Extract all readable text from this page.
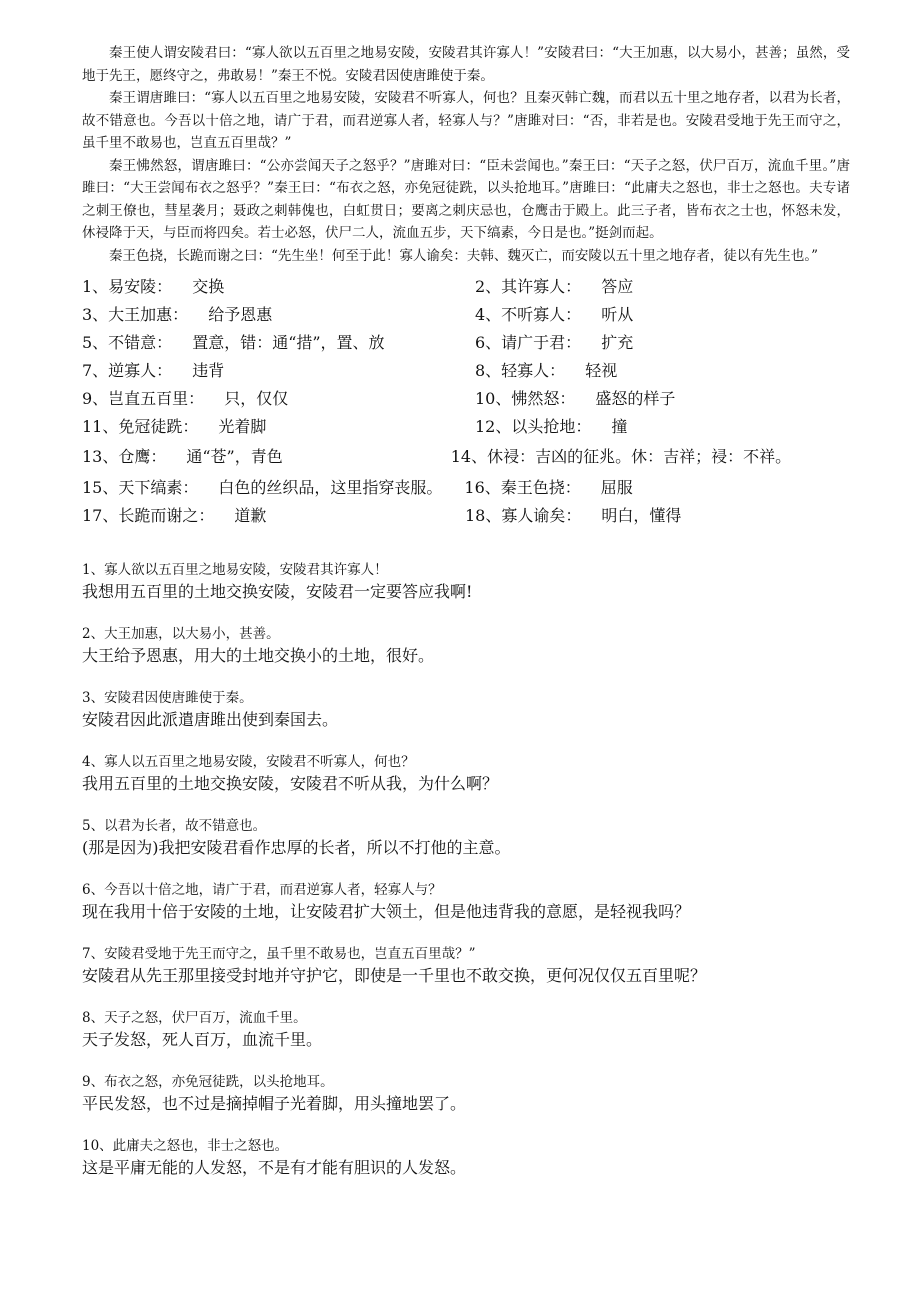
秦王使人谓安陵君曰：“寡人欲以五百里之地易安陵，安陵君其许寡人！”安陵君曰：“大王加惠，以大易小，甚善；虽然，受地于先王，愿终守之，弗敢易！”秦王不悦。安陵君因使唐雎使于秦。

秦王谓唐雎曰：“寡人以五百里之地易安陵，安陵君不听寡人，何也？且秦灭韩亡魏，而君以五十里之地存者，以君为长者，故不错意也。今吾以十倍之地，请广于君，而君逆寡人者，轻寡人与？”唐雎对曰：“否，非若是也。安陵君受地于先王而守之，虽千里不敢易也，岂直五百里哉？”

秦王怫然怒，谓唐雎曰：“公亦尝闻天子之怒乎？”唐雎对曰：“臣未尝闻也。”秦王曰：“天子之怒，伏尸百万，流血千里。”唐雎曰：“大王尝闻布衣之怒乎？”秦王曰：“布衣之怒，亦免冠徒跣，以头抢地耳。”唐雎曰：“此庸夫之怒也，非士之怒也。夫专诸之刺王僚也，彗星袭月；聂政之刺韩傀也，白虹贯日；要离之刺庆忌也，仓鹰击于殿上。此三子者，皆布衣之士也，怀怒未发，休祲降于天，与臣而将四矣。若士必怒，伏尸二人，流血五步，天下缟素，今日是也。”挺剑而起。

秦王色挠，长跪而谢之曰：“先生坐！何至于此！寡人谕矣：夫韩、魏灭亡，而安陵以五十里之地存者，徒以有先生也。”

1、易安陵： 交换	2、其许寡人： 答应
3、大王加惠： 给予恩惠	4、不听寡人： 听从
5、不错意： 置意，错：通“措”，置、放	6、请广于君： 扩充
7、逆寡人： 违背	8、轻寡人： 轻视
9、岂直五百里： 只，仅仅	10、怫然怒： 盛怒的样子
11、免冠徒跣： 光着脚	12、以头抢地： 撞
13、仓鹰： 通“苍”，青色	14、休祲：吉凶的征兆。休：吉祥；祲：不祥。
15、天下缟素： 白色的丝织品，这里指穿丧服。 16、秦王色挠： 屈服
17、长跪而谢之： 道歉	18、寡人谕矣： 明白，懂得
1、寡人欲以五百里之地易安陵，安陵君其许寡人！
我想用五百里的土地交换安陵，安陵君一定要答应我啊!
2、大王加惠，以大易小，甚善。
大王给予恩惠，用大的土地交换小的土地，很好。
3、安陵君因使唐雎使于秦。
安陵君因此派遣唐雎出使到秦国去。
4、寡人以五百里之地易安陵，安陵君不听寡人，何也？
我用五百里的土地交换安陵，安陵君不听从我，为什么啊？
5、以君为长者，故不错意也。
(那是因为)我把安陵君看作忠厚的长者，所以不打他的主意。
6、今吾以十倍之地，请广于君，而君逆寡人者，轻寡人与？
现在我用十倍于安陵的土地，让安陵君扩大领土，但是他违背我的意愿，是轻视我吗？
7、安陵君受地于先王而守之，虽千里不敢易也，岂直五百里哉？”
安陵君从先王那里接受封地并守护它，即使是一千里也不敢交换，更何况仅仅五百里呢？
8、天子之怒，伏尸百万，流血千里。
天子发怒，死人百万，血流千里。
9、布衣之怒，亦免冠徒跣，以头抢地耳。
平民发怒，也不过是摘掉帽子光着脚，用头撞地罢了。
10、此庸夫之怒也，非士之怒也。
这是平庸无能的人发怒，不是有才能有胆识的人发怒。
